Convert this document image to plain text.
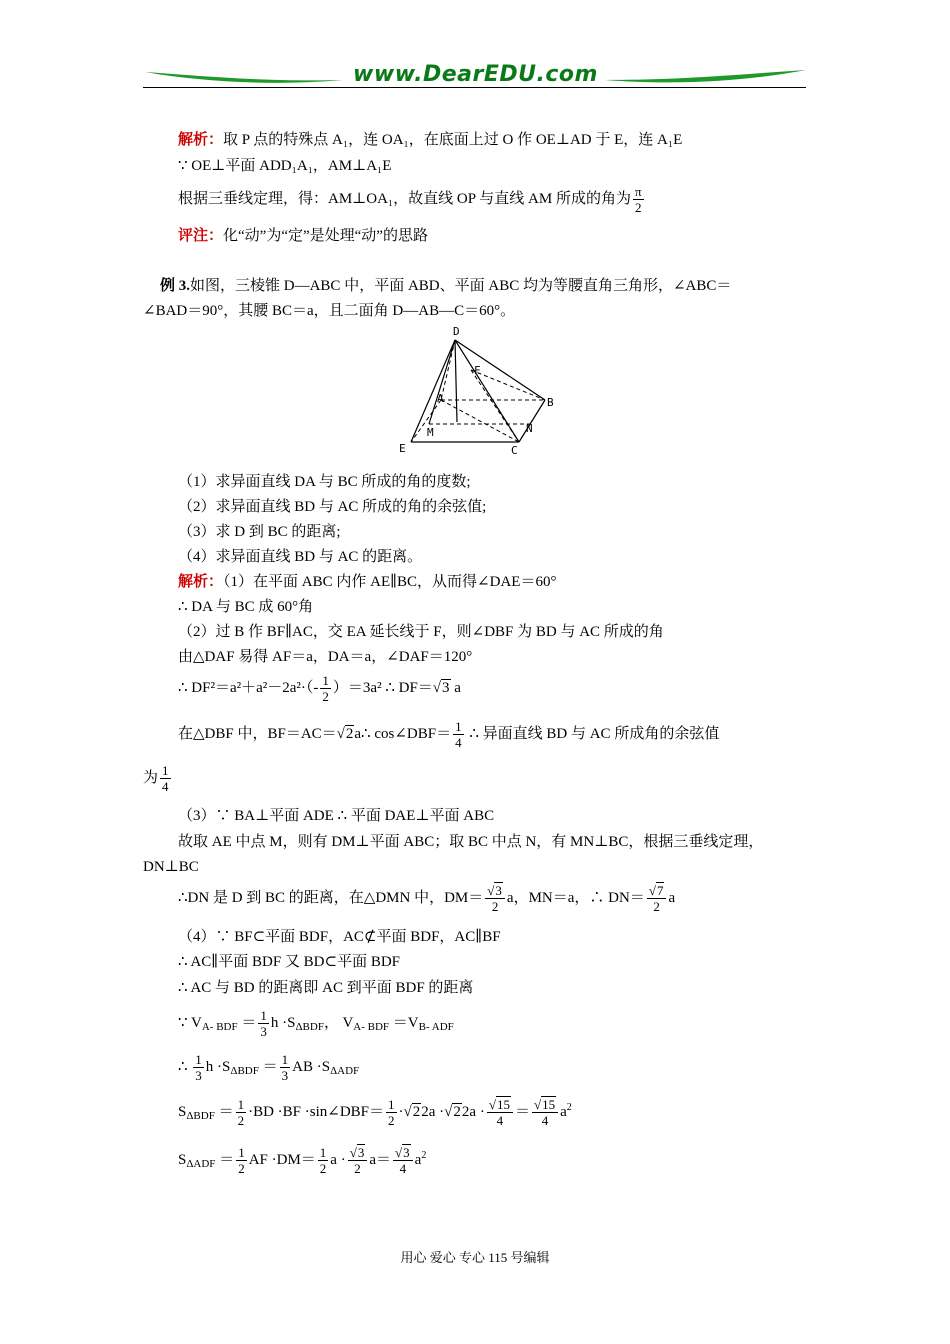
www.DearEDU.com
解析：取 P 点的特殊点 A₁，连 OA₁，在底面上过 O 作 OE⊥AD 于 E，连 A₁E
∵ OE⊥平面 ADD₁A₁，AM⊥A₁E
根据三垂线定理，得：AM⊥OA₁，故直线 OP 与直线 AM 所成的角为 $\frac{\pi}{2}$
评注：化“动”为“定”是处理“动”的思路
例 3.如图，三棱锥 D—ABC 中，平面 ABD、平面 ABC 均为等腰直角三角形，∠ABC＝
∠BAD＝90°，其腰 BC＝a，且二面角 D—AB—C＝60°。
D
F
A	B
M	N
E	C
（1）求异面直线 DA 与 BC 所成的角的度数;
（2）求异面直线 BD 与 AC 所成的角的余弦值;
（3）求 D 到 BC 的距离;
（4）求异面直线 BD 与 AC 的距离。
解析：（1）在平面 ABC 内作 AE∥BC，从而得∠DAE＝60°
∴ DA 与 BC 成 60°角
（2）过 B 作 BF∥AC，交 EA 延长线于 F，则∠DBF 为 BD 与 AC 所成的角
由△DAF 易得 AF＝a，DA＝a，∠DAF＝120°
∴ $DF^2=a^2+a^2-2a^2\cdot(- \frac{1}{2} )=3a^2$ ∴ DF＝√3 a
在△DBF 中，BF＝AC＝√2a∴ cos∠DBF＝ $\frac{1}{4}$ ∴ 异面直线 BD 与 AC 所成角的余弦值
为 $\frac{1}{4}$
（3）∵ BA⊥平面 ADE ∴ 平面 DAE⊥平面 ABC
故取 AE 中点 M，则有 DM⊥平面 ABC；取 BC 中点 N，有 MN⊥BC，根据三垂线定理，
DN⊥BC
∴DN 是 D 到 BC 的距离，在△DMN 中，$DM= \frac{√3}{2}$ a，MN＝a，∴ $DN= \frac{√7}{2}$ a
（4）∵ BF⊂平面 BDF，AC⊄平面 BDF，AC∥BF
∴ AC∥平面 BDF 又 BD⊂平面 BDF
∴ AC 与 BD 的距离即 AC 到平面 BDF 的距离
∵ $V_{A- BDF} = \frac{1}{3}$ $h \cdot S_{\Delta BDF}$， $V_{A- BDF} =V_{B- ADF}$
∴ $\frac{1}{3}$ $h \cdot S_{\Delta BDF} = \frac{1}{3}$ AB $\cdot S_{\Delta ADF}$
$S_{\Delta BDF} = \frac{1}{2} \cdot BD \cdot BF$ ·sin∠DBF＝ $\frac{1}{2} \cdot√22a \cdot√22a \cdot \frac{√15}{4} = \frac{√15}{4} a^2$
$S_{\Delta ADF} = \frac{1}{2}$ AF $\cdot DM= \frac{1}{2}$ $a \cdot \frac{√3}{2} a= \frac{√3}{4} a^2$
用心 爱心 专心 115 号编辑
